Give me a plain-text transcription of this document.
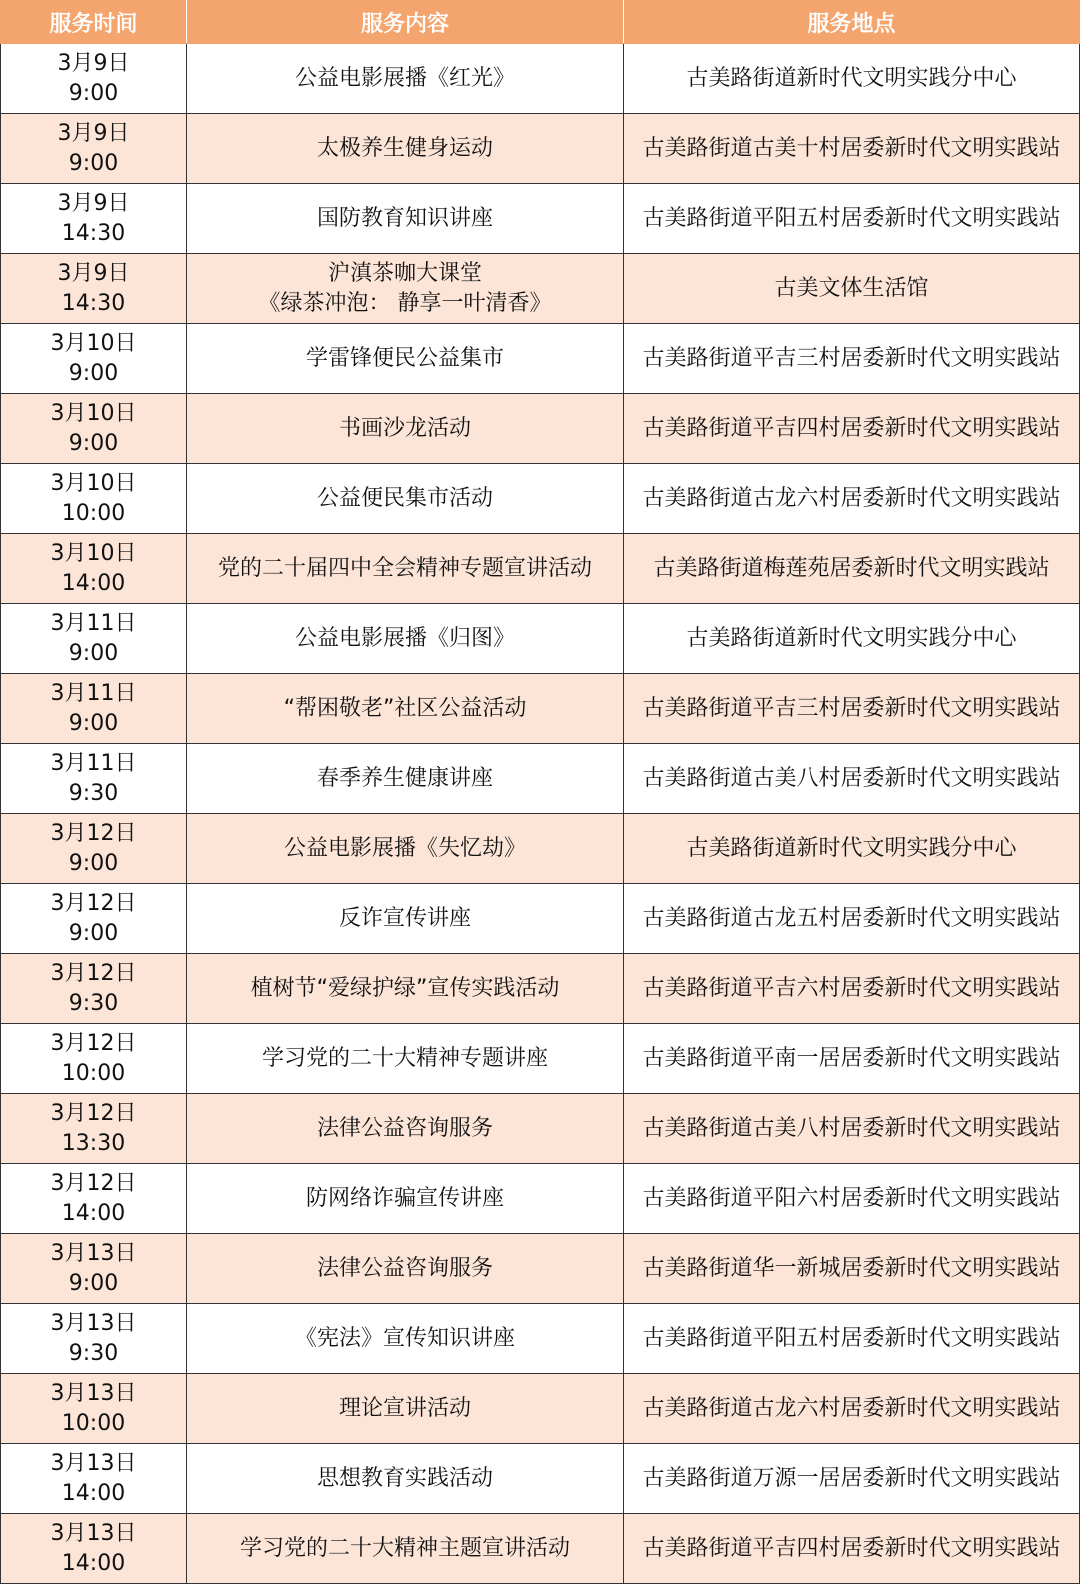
服务时间	服务内容	服务地点

3月9日
9:00	公益电影展播《红光》	古美路街道新时代文明实践分中心

3月9日
9:00	太极养生健身运动	古美路街道古美十村居委新时代文明实践站

3月9日
14:30	国防教育知识讲座	古美路街道平阳五村居委新时代文明实践站

3月9日
14:30	沪滇茶咖大课堂
《绿茶冲泡： 静享一叶清香》	古美文体生活馆

3月10日
9:00	学雷锋便民公益集市	古美路街道平吉三村居委新时代文明实践站

3月10日
9:00	书画沙龙活动	古美路街道平吉四村居委新时代文明实践站

3月10日
10:00	公益便民集市活动	古美路街道古龙六村居委新时代文明实践站

3月10日
14:00	党的二十届四中全会精神专题宣讲活动	古美路街道梅莲苑居委新时代文明实践站

3月11日
9:00	公益电影展播《归图》	古美路街道新时代文明实践分中心

3月11日
9:00	“帮困敬老”社区公益活动	古美路街道平吉三村居委新时代文明实践站

3月11日
9:30	春季养生健康讲座	古美路街道古美八村居委新时代文明实践站

3月12日
9:00	公益电影展播《失忆劫》	古美路街道新时代文明实践分中心

3月12日
9:00	反诈宣传讲座	古美路街道古龙五村居委新时代文明实践站

3月12日
9:30	植树节“爱绿护绿”宣传实践活动	古美路街道平吉六村居委新时代文明实践站

3月12日
10:00	学习党的二十大精神专题讲座	古美路街道平南一居居委新时代文明实践站

3月12日
13:30	法律公益咨询服务	古美路街道古美八村居委新时代文明实践站

3月12日
14:00	防网络诈骗宣传讲座	古美路街道平阳六村居委新时代文明实践站

3月13日
9:00	法律公益咨询服务	古美路街道华一新城居委新时代文明实践站

3月13日
9:30	《宪法》宣传知识讲座	古美路街道平阳五村居委新时代文明实践站

3月13日
10:00	理论宣讲活动	古美路街道古龙六村居委新时代文明实践站

3月13日
14:00	思想教育实践活动	古美路街道万源一居居委新时代文明实践站

3月13日
14:00	学习党的二十大精神主题宣讲活动	古美路街道平吉四村居委新时代文明实践站
